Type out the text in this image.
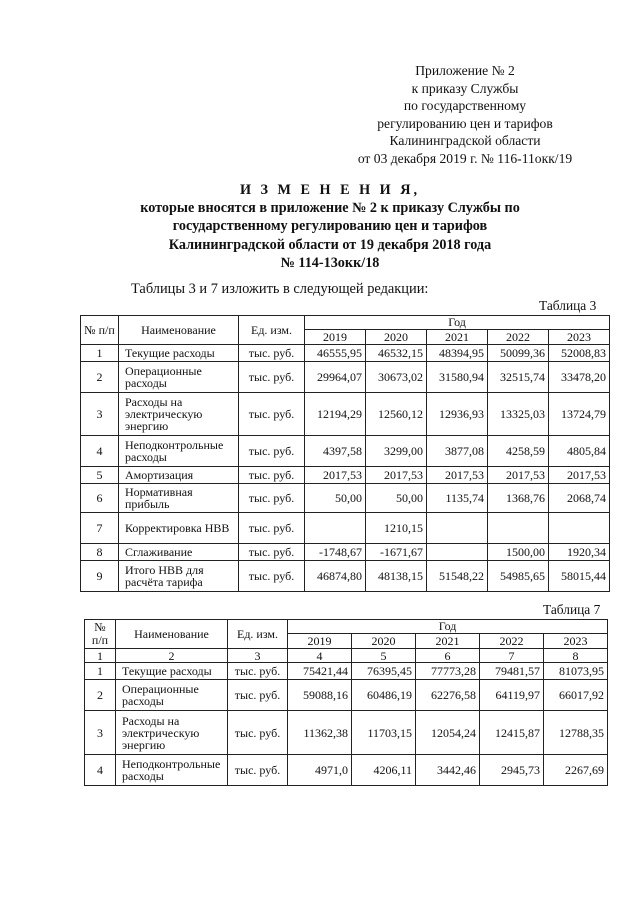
Приложение № 2
к приказу Службы
по государственному
регулированию цен и тарифов
Калининградской области
от 03 декабря 2019 г. № 116-11окк/19
И З М Е Н Е Н И Я,
которые вносятся в приложение № 2 к приказу Службы по
государственному регулированию цен и тарифов
Калининградской области от 19 декабря 2018 года
№ 114-13окк/18
Таблицы 3 и 7 изложить в следующей редакции:
Таблица 3
№ п/п	Наименование	Ед. изм.	Год				
			2019	2020	2021	2022	2023
1	Текущие расходы	тыс. руб.	46555,95	46532,15	48394,95	50099,36	52008,83
2	Операционные расходы	тыс. руб.	29964,07	30673,02	31580,94	32515,74	33478,20
3	Расходы на электрическую энергию	тыс. руб.	12194,29	12560,12	12936,93	13325,03	13724,79
4	Неподконтрольные расходы	тыс. руб.	4397,58	3299,00	3877,08	4258,59	4805,84
5	Амортизация	тыс. руб.	2017,53	2017,53	2017,53	2017,53	2017,53
6	Нормативная прибыль	тыс. руб.	50,00	50,00	1135,74	1368,76	2068,74
7	Корректировка НВВ	тыс. руб.		1210,15			
8	Сглаживание	тыс. руб.	-1748,67	-1671,67		1500,00	1920,34
9	Итого НВВ для расчёта тарифа	тыс. руб.	46874,80	48138,15	51548,22	54985,65	58015,44
Таблица 7
№ п/п	Наименование	Ед. изм.	Год				
			2019	2020	2021	2022	2023
1	2	3	4	5	6	7	8
1	Текущие расходы	тыс. руб.	75421,44	76395,45	77773,28	79481,57	81073,95
2	Операционные расходы	тыс. руб.	59088,16	60486,19	62276,58	64119,97	66017,92
3	Расходы на электрическую энергию	тыс. руб.	11362,38	11703,15	12054,24	12415,87	12788,35
4	Неподконтрольные расходы	тыс. руб.	4971,0	4206,11	3442,46	2945,73	2267,69
